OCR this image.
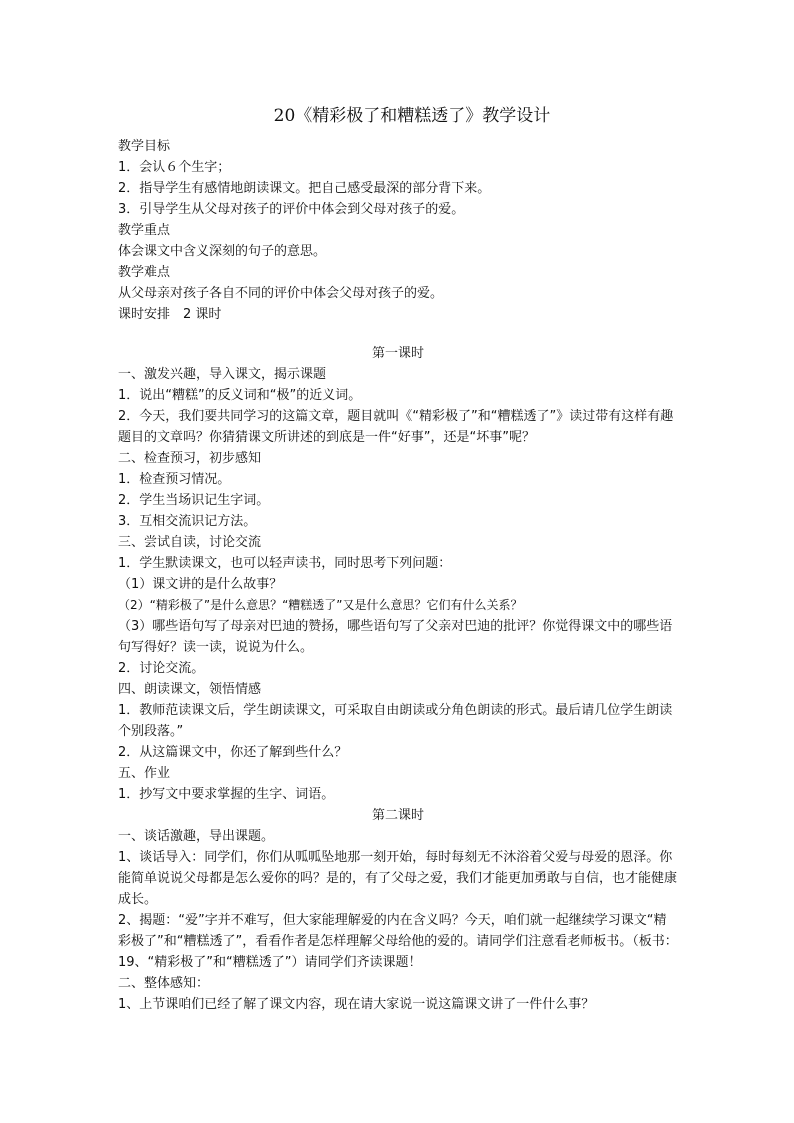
20《精彩极了和糟糕透了》教学设计

教学目标

1．会认６个生字；

2．指导学生有感情地朗读课文。把自己感受最深的部分背下来。

3．引导学生从父母对孩子的评价中体会到父母对孩子的爱。

教学重点

体会课文中含义深刻的句子的意思。

教学难点

从父母亲对孩子各自不同的评价中体会父母对孩子的爱。

课时安排　2 课时

第一课时

一、激发兴趣，导入课文，揭示课题

1．说出“糟糕”的反义词和“极”的近义词。

2．今天，我们要共同学习的这篇文章，题目就叫《“精彩极了”和“糟糕透了”》读过带有这样有趣题目的文章吗？你猜猜课文所讲述的到底是一件“好事”，还是“坏事”呢？

二、检查预习，初步感知

1．检查预习情况。

2．学生当场识记生字词。

3．互相交流识记方法。

三、尝试自读，讨论交流

1．学生默读课文，也可以轻声读书，同时思考下列问题：

（1）课文讲的是什么故事？

（2）“精彩极了”是什么意思？“糟糕透了”又是什么意思？它们有什么关系？

（3）哪些语句写了母亲对巴迪的赞扬，哪些语句写了父亲对巴迪的批评？你觉得课文中的哪些语句写得好？读一读，说说为什么。

2．讨论交流。

四、朗读课文，领悟情感

1．教师范读课文后，学生朗读课文，可采取自由朗读或分角色朗读的形式。最后请几位学生朗读个别段落。”

2．从这篇课文中，你还了解到些什么？

五、作业

1．抄写文中要求掌握的生字、词语。

第二课时

一、谈话激趣，导出课题。

1、谈话导入：同学们，你们从呱呱坠地那一刻开始，每时每刻无不沐浴着父爱与母爱的恩泽。你能简单说说父母都是怎么爱你的吗？是的，有了父母之爱，我们才能更加勇敢与自信，也才能健康成长。

2、揭题：“爱”字并不难写，但大家能理解爱的内在含义吗？今天，咱们就一起继续学习课文“精彩极了”和“糟糕透了”，看看作者是怎样理解父母给他的爱的。请同学们注意看老师板书。（板书：19、“精彩极了”和“糟糕透了”）请同学们齐读课题！

二、整体感知：

1、上节课咱们已经了解了课文内容，现在请大家说一说这篇课文讲了一件什么事？
